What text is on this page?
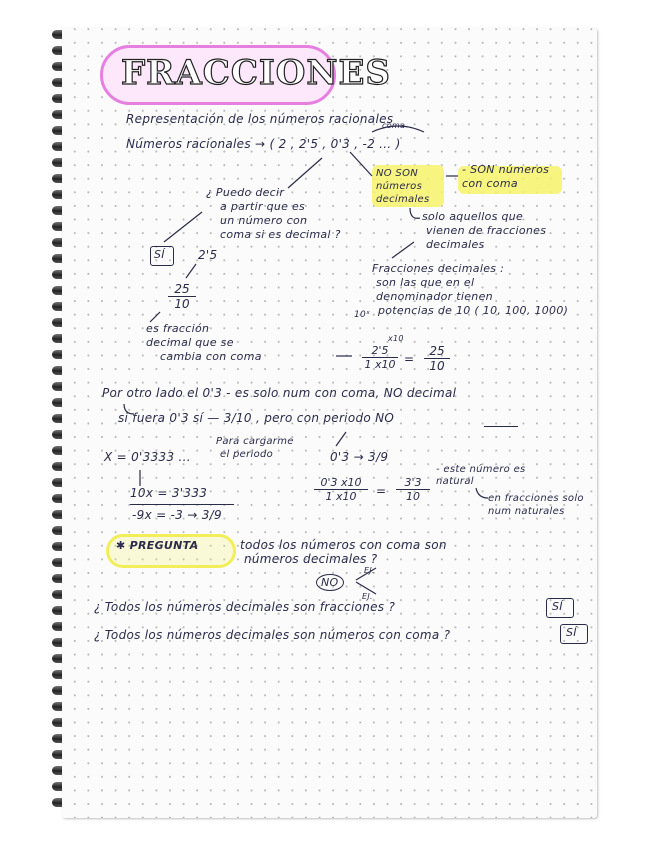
FRACCIONES
Representación de los números racionales
coma
Números racionales → ( 2 , 2'5 , 0'3 , -2 ... )
NO SON números decimales
- SON números con coma
¿ Puedo decir
a partir que es
un número con
coma si es decimal ?
solo aquellos que
vienen de fracciones
decimales
SÍ	2'5
$\frac{25}{10}$
Fracciones decimales :
son las que en el
denominador tienen
potencias de 10 ( 10, 100, 1000)
10ˣ
es fracción
decimal que se
cambia con coma
x10
$\frac{2'5}{1 x10} = \frac{25}{10}$
Por otro lado el 0'3 - es solo num con coma, NO decimal
si fuera 0'3 sí — 3/10 , pero con periodo NO
Para cargarme
el periodo
X = 0'3333 ...	0'3 → 3/9
10x = 3'333
-9x = -3 → 3/9
$\frac{0'3 x10}{1 x10} = \frac{3'3}{10}$
- este número es natural
en fracciones solo num naturales
✱ PREGUNTA	todos los números con coma son
números decimales ?
NO
EJ.
EJ.
¿ Todos los números decimales son fracciones ?	SÍ
¿ Todos los números decimales son números con coma ?	SÍ
